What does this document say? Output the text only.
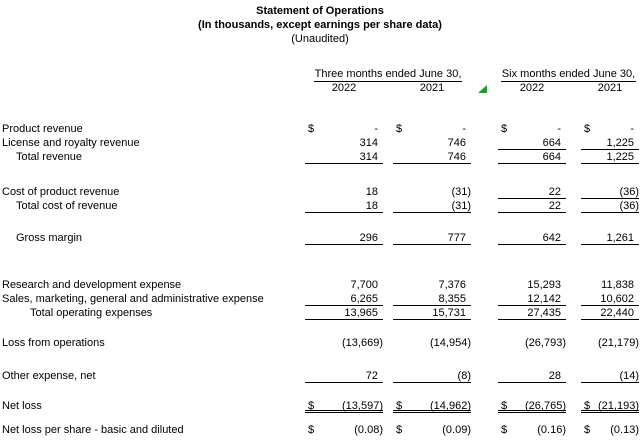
Statement of Operations
(In thousands, except earnings per share data)
(Unaudited)
Three months ended June 30,
2022	2021
Six months ended June 30,
2022	2021
Product revenue	$	-	$	-	$	-	$	-
License and royalty revenue	314	746	664	1,225
Total revenue	314	746	664	1,225
Cost of product revenue	18	(31)	22	(36)
Total cost of revenue	18	(31)	22	(36)
Gross margin	296	777	642	1,261
Research and development expense	7,700	7,376	15,293	11,838
Sales, marketing, general and administrative expense	6,265	8,355	12,142	10,602
Total operating expenses	13,965	15,731	27,435	22,440
Loss from operations	(13,669)	(14,954)	(26,793)	(21,179)
Other expense, net	72	(8)	28	(14)
Net loss	$	(13,597) $	(14,962)	$	(26,765) $ (21,193)
Net loss per share - basic and diluted	$	(0.08) $	(0.09)	$	(0.16) $	(0.13)
